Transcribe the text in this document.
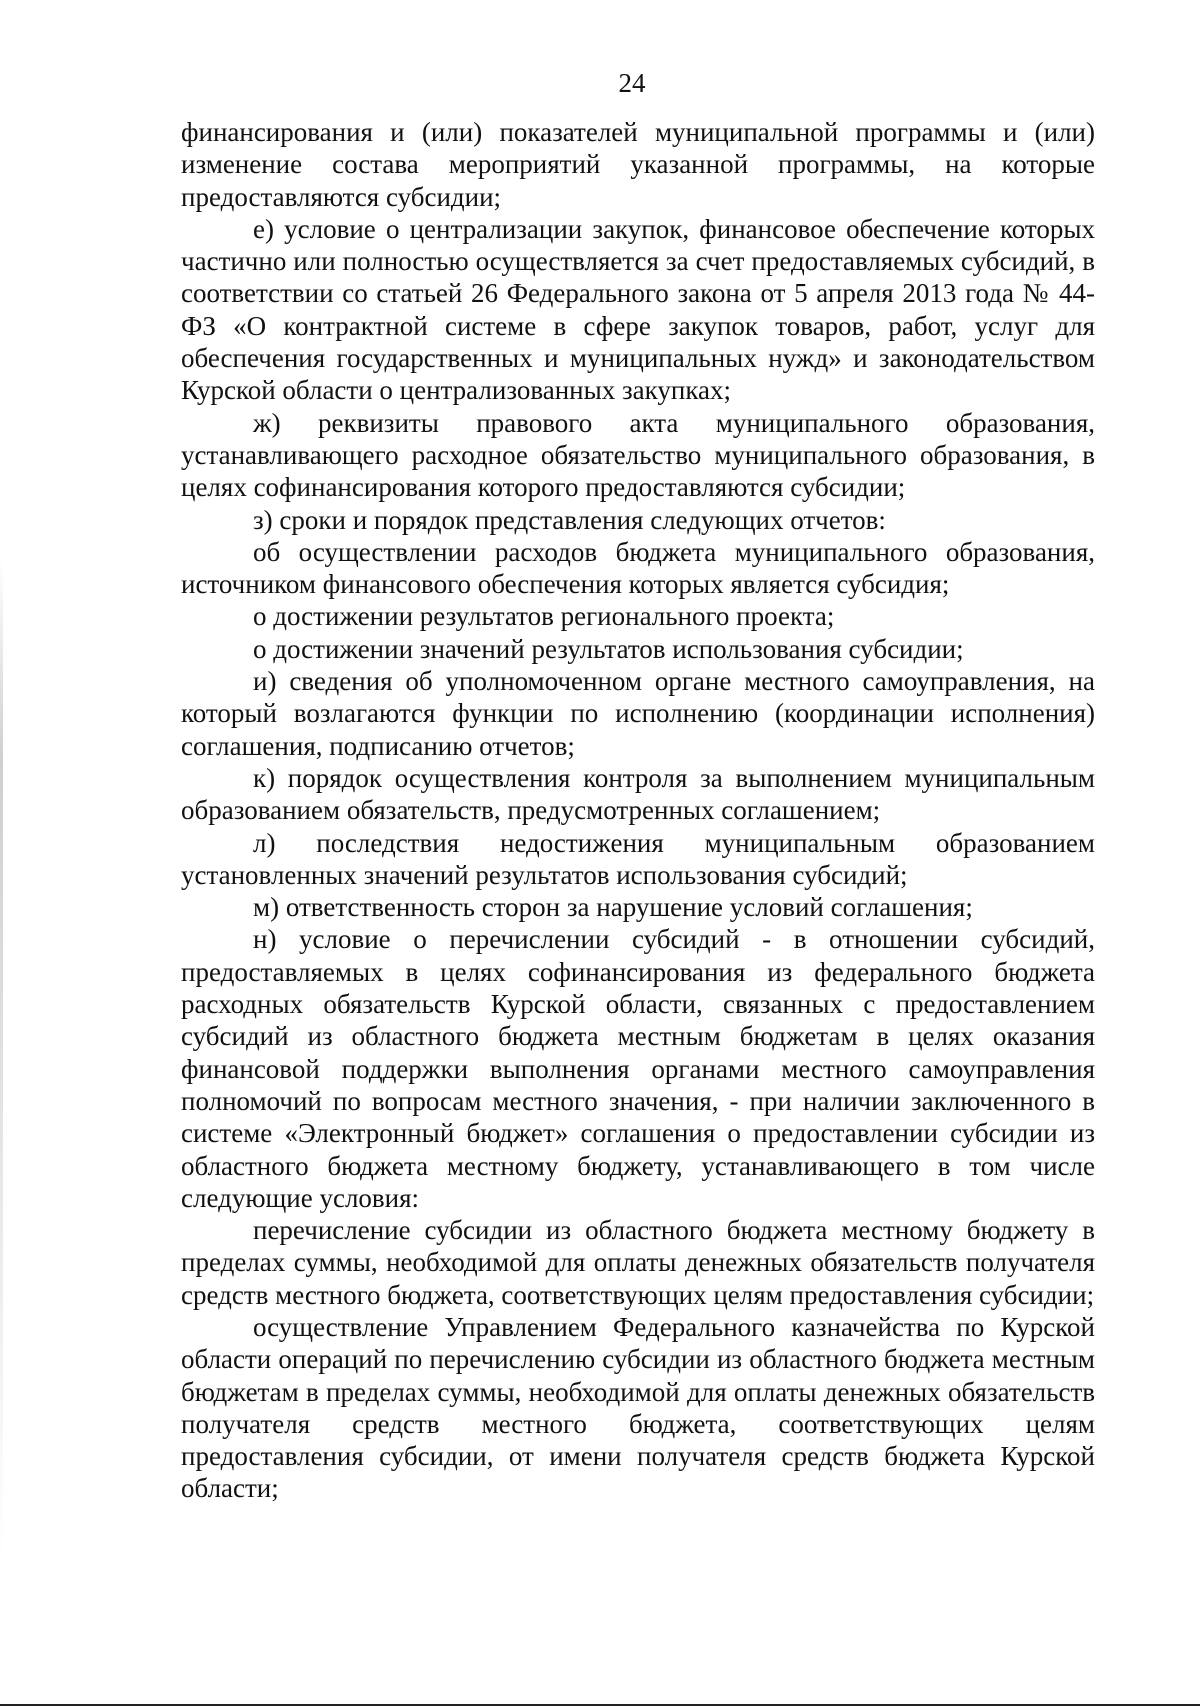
24

финансирования и (или) показателей муниципальной программы и (или) изменение состава мероприятий указанной программы, на которые предоставляются субсидии;

е) условие о централизации закупок, финансовое обеспечение которых частично или полностью осуществляется за счет предоставляемых субсидий, в соответствии со статьей 26 Федерального закона от 5 апреля 2013 года № 44-ФЗ «О контрактной системе в сфере закупок товаров, работ, услуг для обеспечения государственных и муниципальных нужд» и законодательством Курской области о централизованных закупках;

ж) реквизиты правового акта муниципального образования, устанавливающего расходное обязательство муниципального образования, в целях софинансирования которого предоставляются субсидии;

з) сроки и порядок представления следующих отчетов:

об осуществлении расходов бюджета муниципального образования, источником финансового обеспечения которых является субсидия;

о достижении результатов регионального проекта;

о достижении значений результатов использования субсидии;

и) сведения об уполномоченном органе местного самоуправления, на который возлагаются функции по исполнению (координации исполнения) соглашения, подписанию отчетов;

к) порядок осуществления контроля за выполнением муниципальным образованием обязательств, предусмотренных соглашением;

л) последствия недостижения муниципальным образованием установленных значений результатов использования субсидий;

м) ответственность сторон за нарушение условий соглашения;

н) условие о перечислении субсидий - в отношении субсидий, предоставляемых в целях софинансирования из федерального бюджета расходных обязательств Курской области, связанных с предоставлением субсидий из областного бюджета местным бюджетам в целях оказания финансовой поддержки выполнения органами местного самоуправления полномочий по вопросам местного значения, - при наличии заключенного в системе «Электронный бюджет» соглашения о предоставлении субсидии из областного бюджета местному бюджету, устанавливающего в том числе следующие условия:

перечисление субсидии из областного бюджета местному бюджету в пределах суммы, необходимой для оплаты денежных обязательств получателя средств местного бюджета, соответствующих целям предоставления субсидии;

осуществление Управлением Федерального казначейства по Курской области операций по перечислению субсидии из областного бюджета местным бюджетам в пределах суммы, необходимой для оплаты денежных обязательств получателя средств местного бюджета, соответствующих целям предоставления субсидии, от имени получателя средств бюджета Курской области;
